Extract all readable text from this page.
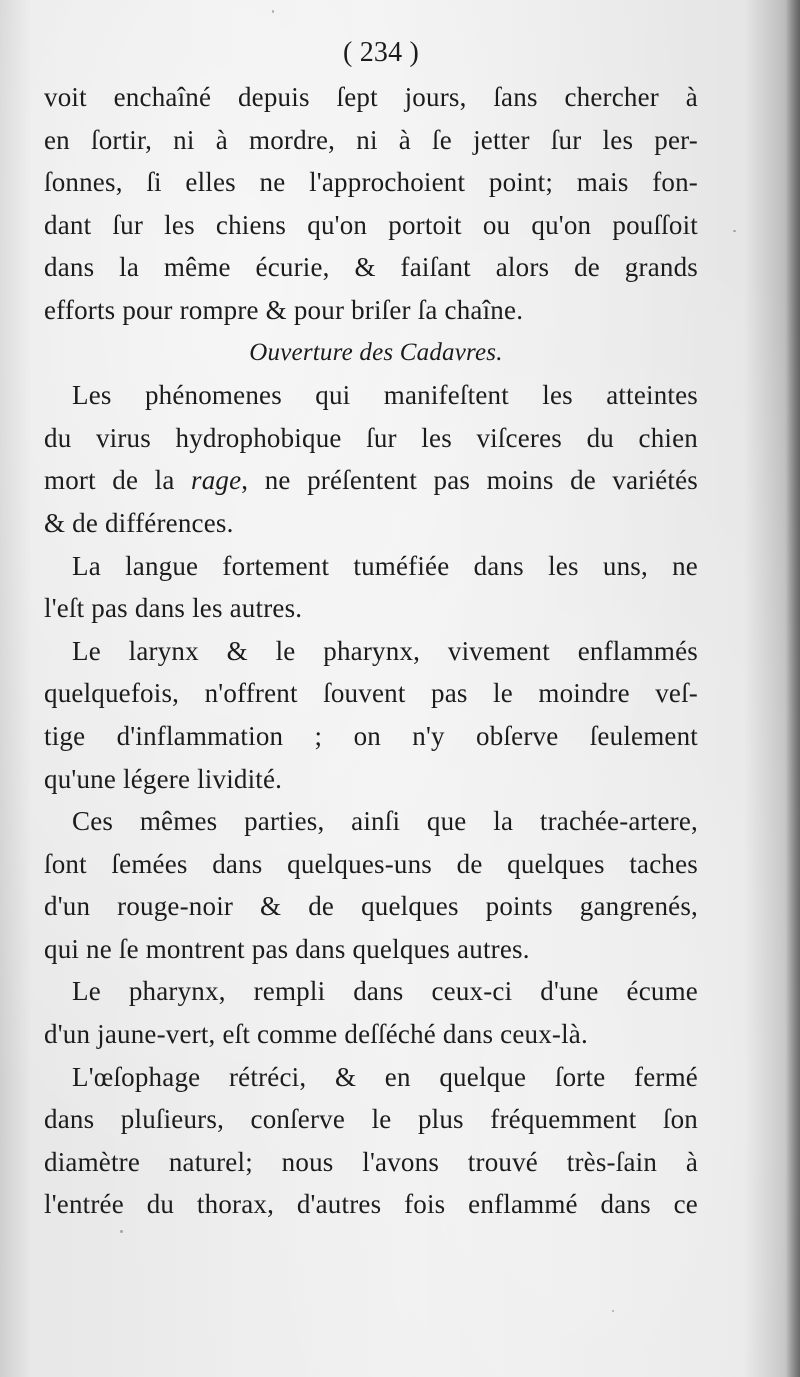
( 234 )
voit enchaîné depuis ſept jours, ſans chercher à
en ſortir, ni à mordre, ni à ſe jetter ſur les per-
ſonnes, ſi elles ne l'approchoient point; mais fon-
dant ſur les chiens qu'on portoit ou qu'on pouſſoit
dans la même écurie, & faiſant alors de grands
efforts pour rompre & pour briſer ſa chaîne.
Ouverture des Cadavres.
Les phénomenes qui manifeſtent les atteintes
du virus hydrophobique ſur les viſceres du chien
mort de la rage, ne préſentent pas moins de variétés
& de différences.
La langue fortement tuméfiée dans les uns, ne
l'eſt pas dans les autres.
Le larynx & le pharynx, vivement enflammés
quelquefois, n'offrent ſouvent pas le moindre veſ-
tige d'inflammation ; on n'y obſerve ſeulement
qu'une légere lividité.
Ces mêmes parties, ainſi que la trachée-artere,
ſont ſemées dans quelques-uns de quelques taches
d'un rouge-noir & de quelques points gangrenés,
qui ne ſe montrent pas dans quelques autres.
Le pharynx, rempli dans ceux-ci d'une écume
d'un jaune-vert, eſt comme deſſéché dans ceux-là.
L'œſophage rétréci, & en quelque ſorte fermé
dans pluſieurs, conſerve le plus fréquemment ſon
diamètre naturel; nous l'avons trouvé très-ſain à
l'entrée du thorax, d'autres fois enflammé dans ce
